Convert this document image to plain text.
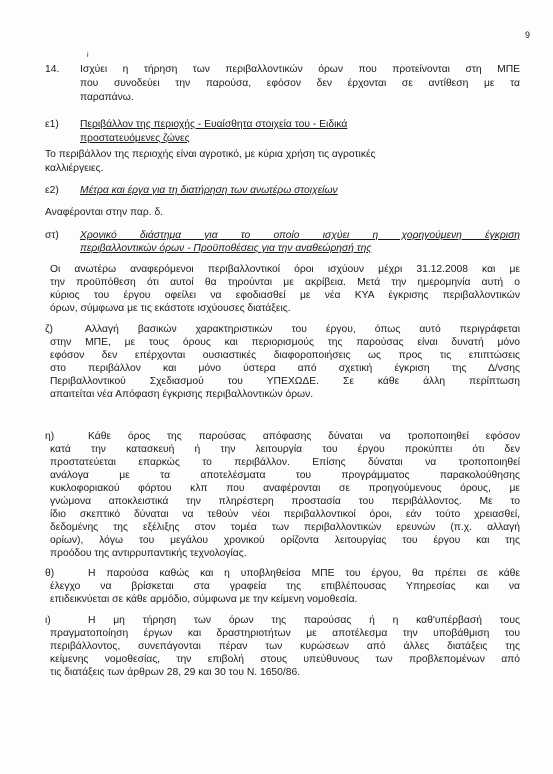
9
i

14. Ισχύει η τήρηση των περιβαλλοντικών όρων που προτείνονται στη ΜΠΕ

που συνοδεύει την παρούσα, εφόσον δεν έρχονται σε αντίθεση με τα

παραπάνω.

ε1) Περιβάλλον της περιοχής - Ευαίσθητα στοιχεία του - Ειδικά

προστατευόμενες ζώνες

Το περιβάλλον της περιοχής είναι αγροτικό, με κύρια χρήση τις αγροτικές

καλλιέργειες.

ε2) Μέτρα και έργα για τη διατήρηση των ανωτέρω στοιχείων

Αναφέρονται στην παρ. δ.

στ) Χρονικό διάστημα για το οποίο ισχύει η χορηγούμενη έγκριση

περιβαλλοντικών όρων - Προϋποθέσεις για την αναθεώρησή της

Οι ανωτέρω αναφερόμενοι περιβαλλοντικοί όροι ισχύουν μέχρι 31.12.2008 και με

την προϋπόθεση ότι αυτοί θα τηρούνται με ακρίβεια. Μετά την ημερομηνία αυτή ο

κύριος του έργου οφείλει να εφοδιασθεί με νέα ΚΥΑ έγκρισης περιβαλλοντικών

όρων, σύμφωνα με τις εκάστοτε ισχύουσες διατάξεις.

ζ)	Αλλαγή βασικών χαρακτηριστικών του έργου, όπως αυτό περιγράφεται

στην ΜΠΕ, με τους όρους και περιορισμούς της παρούσας είναι δυνατή μόνο

εφόσον δεν επέρχονται ουσιαστικές διαφοροποιήσεις ως προς τις επιπτώσεις

στο περιβάλλον και μόνο ύστερα από σχετική έγκριση της Δ/νσης

Περιβαλλοντικού Σχεδιασμού του ΥΠΕΧΩΔΕ. Σε κάθε άλλη περίπτωση

απαιτείται νέα Απόφαση έγκρισης περιβαλλοντικών όρων.

η)	Κάθε όρος της παρούσας απόφασης δύναται να τροποποιηθεί εφόσον

κατά την κατασκευή ή την λειτουργία του έργου προκύπτει ότι δεν

προστατεύεται επαρκώς το περιβάλλον. Επίσης δύναται να τροποποιηθεί

ανάλογα με τα αποτελέσματα του προγράμματος παρακολούθησης

κυκλοφοριακού φόρτου κλπ που αναφέρονται σε προηγούμενους όρους, με

γνώμονα αποκλειστικά την πληρέστερη προστασία του περιβάλλοντος. Με το

ίδιο σκεπτικό δύναται να τεθούν νέοι περιβαλλοντικοί όροι, εάν τούτο χρειασθεί,

δεδομένης της εξέλιξης στον τομέα των περιβαλλοντικών ερευνών (π.χ. αλλαγή

ορίων), λόγω του μεγάλου χρονικού ορίζοντα λειτουργίας του έργου και της

προόδου της αντιρρυπαντικής τεχνολογίας.

θ)	Η παρούσα καθώς και η υποβληθείσα ΜΠΕ του έργου, θα πρέπει σε κάθε

έλεγχο να βρίσκεται στα γραφεία της επιβλέπουσας Υπηρεσίας και να

επιδεικνύεται σε κάθε αρμόδιο, σύμφωνα με την κείμενη νομοθεσία.

ι)	Η μη τήρηση των όρων της παρούσας ή η καθ'υπέρβασή τους

πραγματοποίηση έργων και δραστηριοτήτων με αποτέλεσμα την υποβάθμιση του

περιβάλλοντος, συνεπάγονται πέραν των κυρώσεων από άλλες διατάξεις της

κείμενης νομοθεσίας, την επιβολή στους υπεύθυνους των προβλεπομένων από

τις διατάξεις των άρθρων 28, 29 και 30 του Ν. 1650/86.
